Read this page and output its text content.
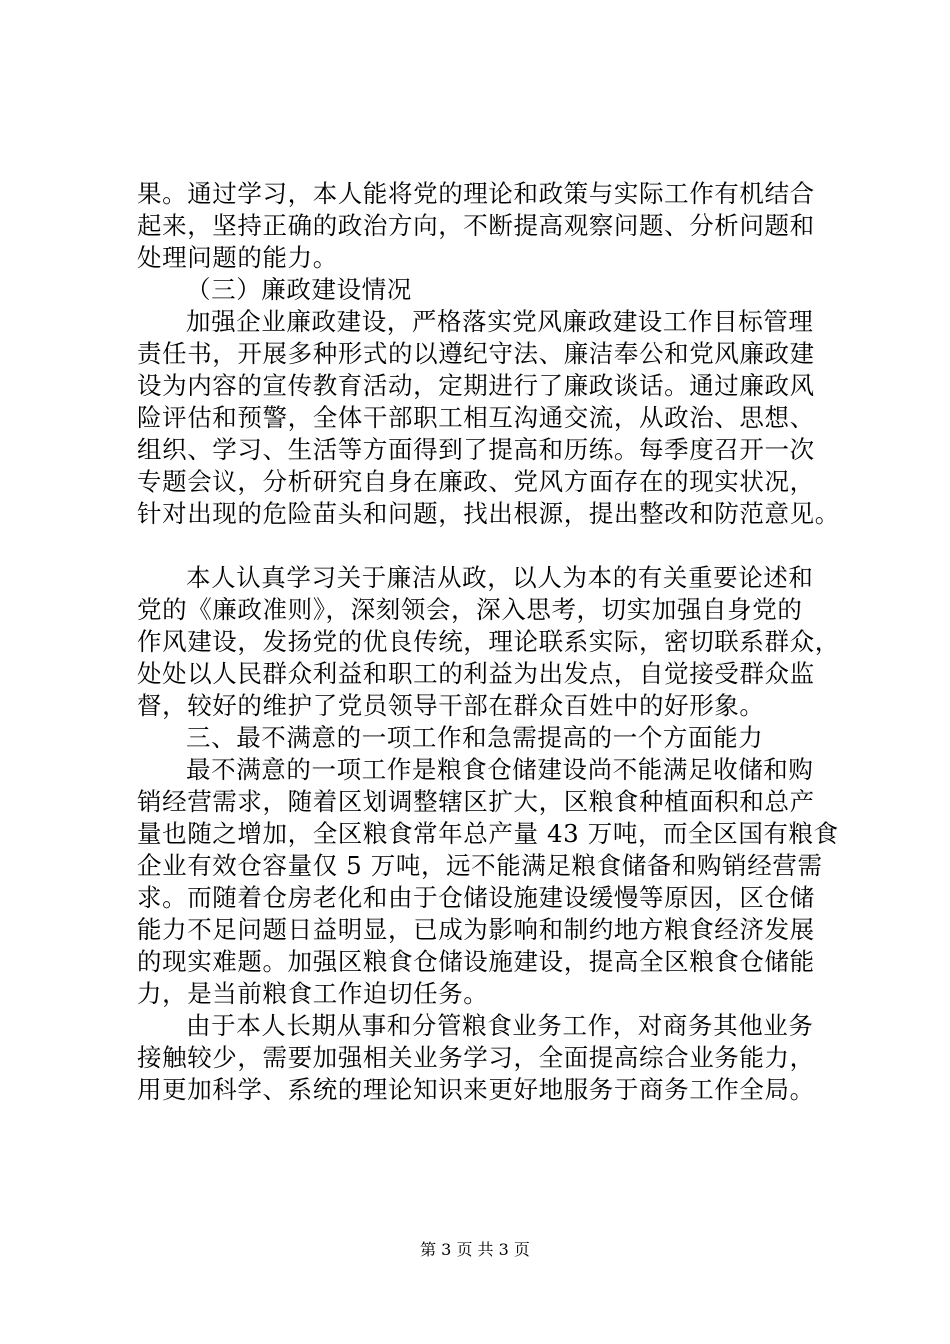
果。通过学习，本人能将党的理论和政策与实际工作有机结合
起来，坚持正确的政治方向，不断提高观察问题、分析问题和
处理问题的能力。
（三）廉政建设情况
加强企业廉政建设，严格落实党风廉政建设工作目标管理
责任书，开展多种形式的以遵纪守法、廉洁奉公和党风廉政建
设为内容的宣传教育活动，定期进行了廉政谈话。通过廉政风
险评估和预警，全体干部职工相互沟通交流，从政治、思想、
组织、学习、生活等方面得到了提高和历练。每季度召开一次
专题会议，分析研究自身在廉政、党风方面存在的现实状况，
针对出现的危险苗头和问题，找出根源，提出整改和防范意见。
本人认真学习关于廉洁从政，以人为本的有关重要论述和
党的《廉政准则》，深刻领会，深入思考，切实加强自身党的
作风建设，发扬党的优良传统，理论联系实际，密切联系群众，
处处以人民群众利益和职工的利益为出发点，自觉接受群众监
督，较好的维护了党员领导干部在群众百姓中的好形象。
三、最不满意的一项工作和急需提高的一个方面能力
最不满意的一项工作是粮食仓储建设尚不能满足收储和购
销经营需求，随着区划调整辖区扩大，区粮食种植面积和总产
量也随之增加，全区粮食常年总产量 43 万吨，而全区国有粮食
企业有效仓容量仅 5 万吨，远不能满足粮食储备和购销经营需
求。而随着仓房老化和由于仓储设施建设缓慢等原因，区仓储
能力不足问题日益明显，已成为影响和制约地方粮食经济发展
的现实难题。加强区粮食仓储设施建设，提高全区粮食仓储能
力，是当前粮食工作迫切任务。
由于本人长期从事和分管粮食业务工作，对商务其他业务
接触较少，需要加强相关业务学习，全面提高综合业务能力，
用更加科学、系统的理论知识来更好地服务于商务工作全局。
第 3 页 共 3 页
